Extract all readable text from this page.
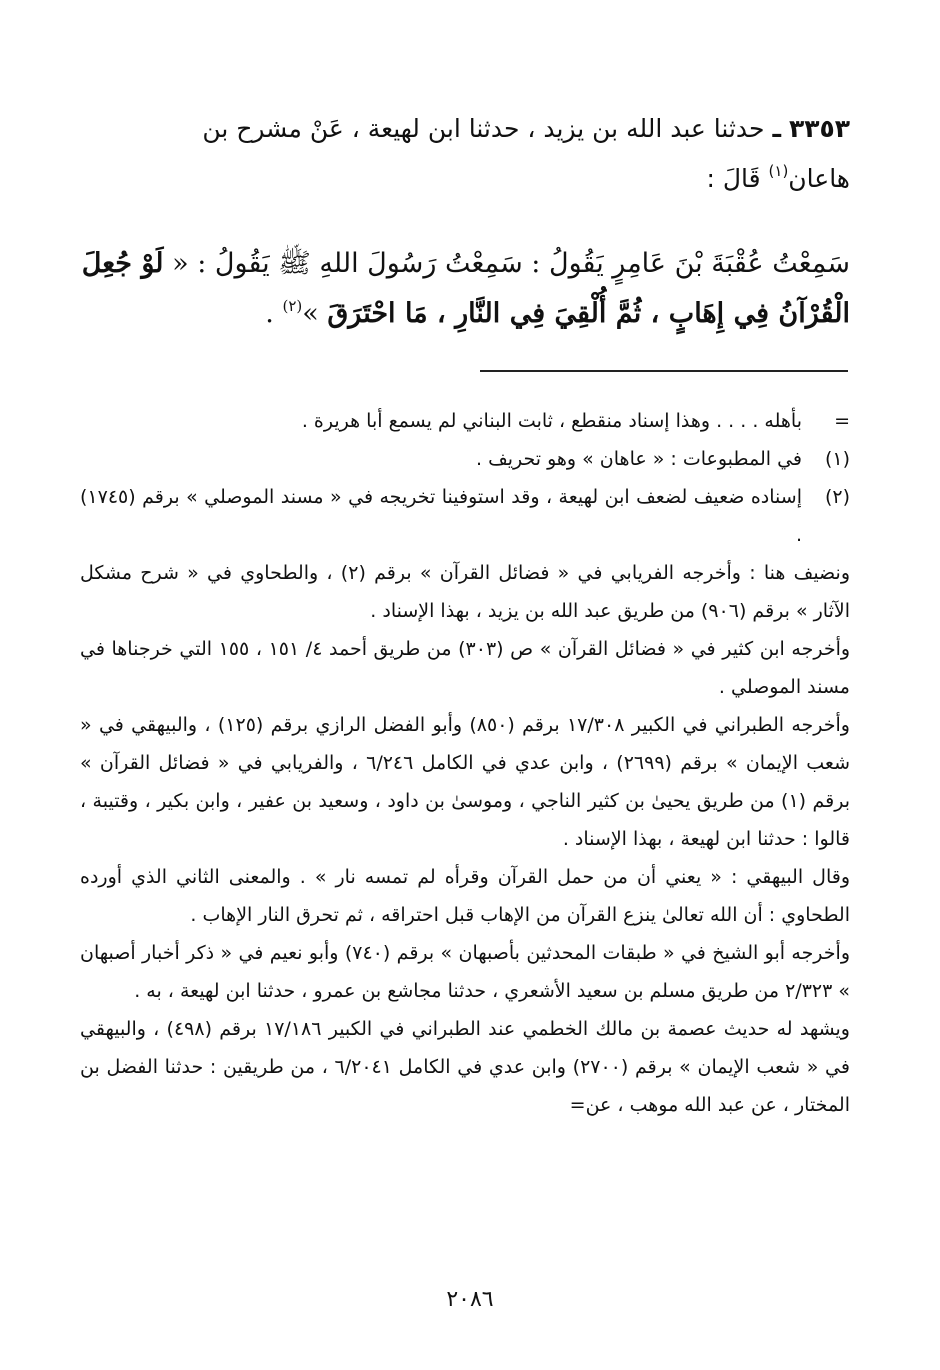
٣٣٥٣ ـ حدثنا عبد الله بن يزيد ، حدثنا ابن لهيعة ، عَنْ مشرح بن
هاعان$^{(١)}$ قَالَ :
سَمِعْتُ عُقْبَةَ بْنَ عَامِرٍ يَقُولُ : سَمِعْتُ رَسُولَ اللهِ ﷺ يَقُولُ : « لَوْ جُعِلَ
الْقُرْآنُ فِي إِهَابٍ ، ثُمَّ أُلْقِيَ فِي النَّارِ ، مَا احْتَرَقَ »$^{(٢)}$ .
=
بأهله . . . . وهذا إسناد منقطع ، ثابت البناني لم يسمع أبا هريرة .
(١)
في المطبوعات : « عاهان » وهو تحريف .
(٢)
إسناده ضعيف لضعف ابن لهيعة ، وقد استوفينا تخريجه في « مسند الموصلي » برقم (١٧٤٥) .
ونضيف هنا : وأخرجه الفريابي في « فضائل القرآن » برقم (٢) ، والطحاوي في « شرح مشكل الآثار » برقم (٩٠٦) من طريق عبد الله بن يزيد ، بهذا الإسناد .
وأخرجه ابن كثير في « فضائل القرآن » ص (٣٠٣) من طريق أحمد ٤/ ١٥١ ، ١٥٥ التي خرجناها في مسند الموصلي .
وأخرجه الطبراني في الكبير ١٧/٣٠٨ برقم (٨٥٠) وأبو الفضل الرازي برقم (١٢٥) ، والبيهقي في « شعب الإيمان » برقم (٢٦٩٩) ، وابن عدي في الكامل ٦/٢٤٦ ، والفريابي في « فضائل القرآن » برقم (١) من طريق يحيىٰ بن كثير الناجي ، وموسىٰ بن داود ، وسعيد بن عفير ، وابن بكير ، وقتيبة ، قالوا : حدثنا ابن لهيعة ، بهذا الإسناد .
وقال البيهقي : « يعني أن من حمل القرآن وقرأه لم تمسه نار » . والمعنى الثاني الذي أورده الطحاوي : أن الله تعالىٰ ينزع القرآن من الإهاب قبل احتراقه ، ثم تحرق النار الإهاب .
وأخرجه أبو الشيخ في « طبقات المحدثين بأصبهان » برقم (٧٤٠) وأبو نعيم في « ذكر أخبار أصبهان » ٢/٣٢٣ من طريق مسلم بن سعيد الأشعري ، حدثنا مجاشع بن عمرو ، حدثنا ابن لهيعة ، به .
ويشهد له حديث عصمة بن مالك الخطمي عند الطبراني في الكبير ١٧/١٨٦ برقم (٤٩٨) ، والبيهقي في « شعب الإيمان » برقم (٢٧٠٠) وابن عدي في الكامل ٦/٢٠٤١ ، من طريقين : حدثنا الفضل بن المختار ، عن عبد الله موهب ، عن=
٢٠٨٦
